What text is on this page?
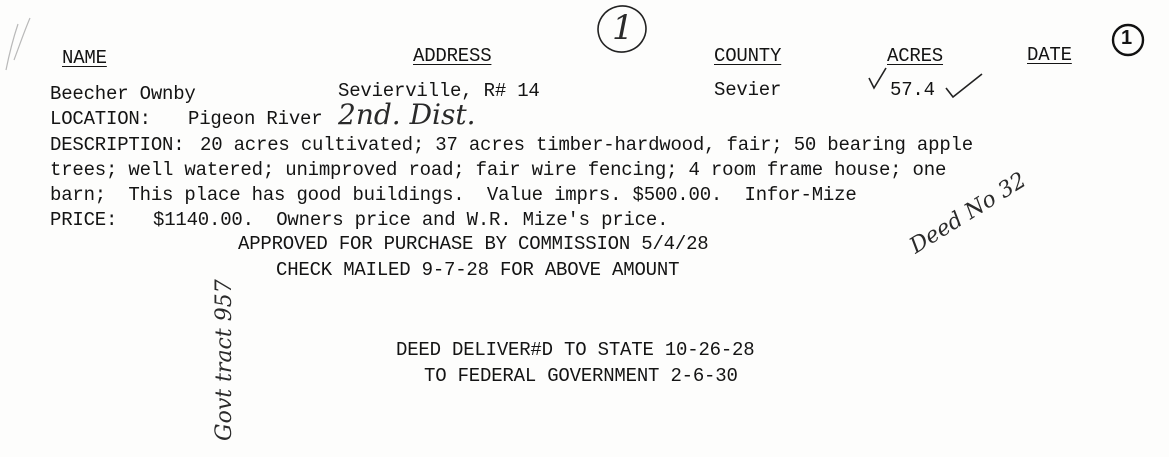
NAME	ADDRESS	COUNTY	ACRES	DATE
Beecher Ownby	Sevierville, R# 14	Sevier	57.4
LOCATION: Pigeon River 2nd. Dist.
DESCRIPTION: 20 acres cultivated; 37 acres timber-hardwood, fair; 50 bearing apple
trees; well watered; unimproved road; fair wire fencing; 4 room frame house; one
barn;  This place has good buildings.  Value imprs. $500.00.  Infor-Mize
PRICE: $1140.00.  Owners price and W.R. Mize's price.
APPROVED FOR PURCHASE BY COMMISSION 5/4/28
CHECK MAILED 9-7-28 FOR ABOVE AMOUNT
DEED DELIVER#D TO STATE 10-26-28
TO FEDERAL GOVERNMENT 2-6-30
1	1
Deed No 32
Govt tract 957
